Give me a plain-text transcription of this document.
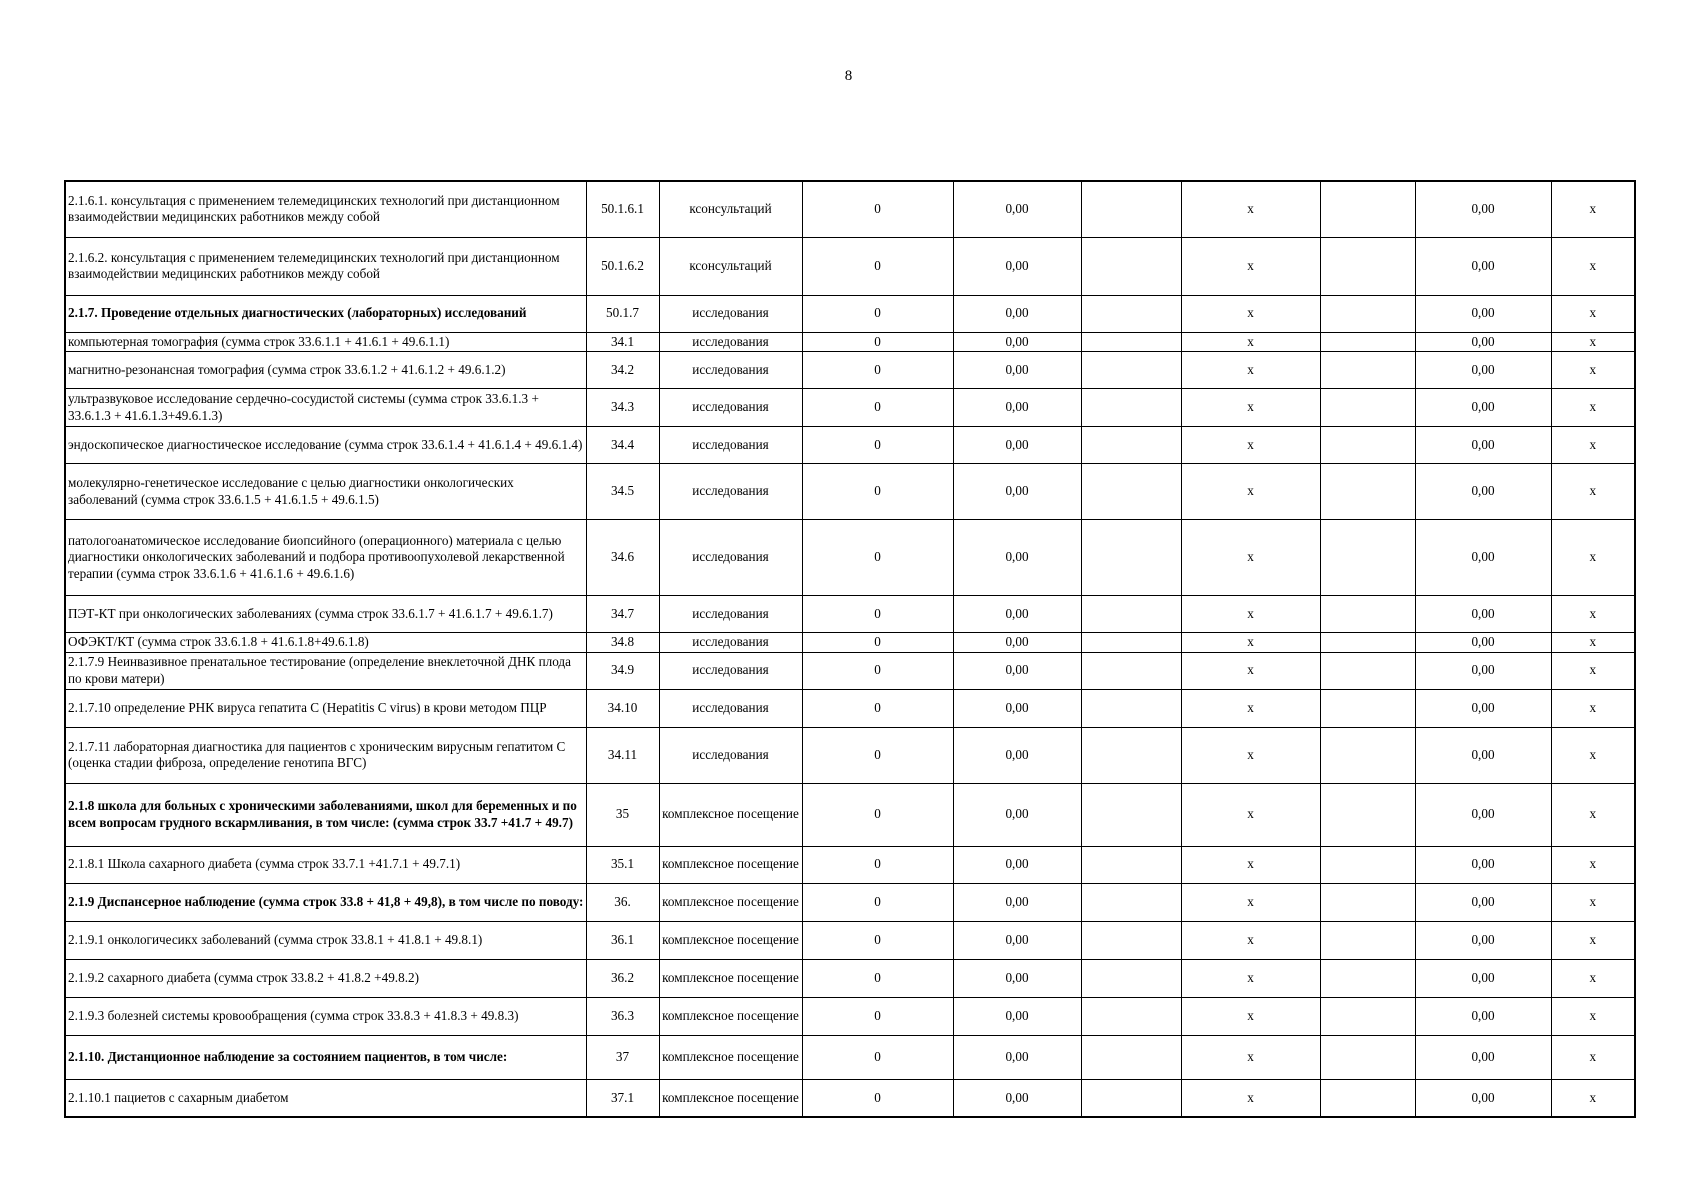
8
2.1.6.1. консультация с применением телемедицинских технологий при дистанционном взаимодействии медицинских работников между собой	50.1.6.1	ксонсультаций	0	0,00		х		0,00	х
2.1.6.2. консультация с применением телемедицинских технологий при дистанционном взаимодействии медицинских работников между собой	50.1.6.2	ксонсультаций	0	0,00		х		0,00	х
2.1.7. Проведение отдельных диагностических (лабораторных) исследований	50.1.7	исследования	0	0,00		х		0,00	х
компьютерная томография (сумма строк 33.6.1.1 + 41.6.1 + 49.6.1.1)	34.1	исследования	0	0,00		х		0,00	х
магнитно-резонансная томография (сумма строк 33.6.1.2 + 41.6.1.2 + 49.6.1.2)	34.2	исследования	0	0,00		х		0,00	х
ультразвуковое исследование сердечно-сосудистой системы (сумма строк 33.6.1.3 + 33.6.1.3 + 41.6.1.3+49.6.1.3)	34.3	исследования	0	0,00		х		0,00	х
эндоскопическое диагностическое исследование (сумма строк 33.6.1.4 + 41.6.1.4 + 49.6.1.4)	34.4	исследования	0	0,00		х		0,00	х
молекулярно-генетическое исследование с целью диагностики онкологических заболеваний (сумма строк 33.6.1.5 + 41.6.1.5 + 49.6.1.5)	34.5	исследования	0	0,00		х		0,00	х
патологоанатомическое исследование биопсийного (операционного) материала с целью диагностики онкологических заболеваний и подбора противоопухолевой лекарственной терапии (сумма строк 33.6.1.6 + 41.6.1.6 + 49.6.1.6)	34.6	исследования	0	0,00		х		0,00	х
ПЭТ-КТ при онкологических заболеваниях (сумма строк 33.6.1.7 + 41.6.1.7 + 49.6.1.7)	34.7	исследования	0	0,00		х		0,00	х
ОФЭКТ/КТ (сумма строк 33.6.1.8 + 41.6.1.8+49.6.1.8)	34.8	исследования	0	0,00		х		0,00	х
2.1.7.9 Неинвазивное пренатальное тестирование (определение внеклеточной ДНК плода по крови матери)	34.9	исследования	0	0,00		х		0,00	х
2.1.7.10 определение РНК вируса гепатита С (Hepatitis C virus) в крови методом ПЦР	34.10	исследования	0	0,00		х		0,00	х
2.1.7.11 лабораторная диагностика для пациентов с хроническим вирусным гепатитом С (оценка стадии фиброза, определение генотипа ВГС)	34.11	исследования	0	0,00		х		0,00	х
2.1.8 школа для больных с хроническими заболеваниями, школ для беременных и по всем вопросам грудного вскармливания, в том числе: (сумма строк 33.7 +41.7 + 49.7)	35	комплексное посещение	0	0,00		х		0,00	х
2.1.8.1 Школа сахарного диабета (сумма строк 33.7.1 +41.7.1 + 49.7.1)	35.1	комплексное посещение	0	0,00		х		0,00	х
2.1.9 Диспансерное наблюдение (сумма строк 33.8 + 41,8 + 49,8), в том числе по поводу:	36.	комплексное посещение	0	0,00		х		0,00	х
2.1.9.1 онкологичесикх заболеваний (сумма строк 33.8.1 + 41.8.1 + 49.8.1)	36.1	комплексное посещение	0	0,00		х		0,00	х
2.1.9.2 сахарного диабета (сумма строк 33.8.2 + 41.8.2 +49.8.2)	36.2	комплексное посещение	0	0,00		х		0,00	х
2.1.9.3 болезней системы кровообращения (сумма строк 33.8.3 + 41.8.3 + 49.8.3)	36.3	комплексное посещение	0	0,00		х		0,00	х
2.1.10. Дистанционное наблюдение за состоянием пациентов, в том числе:	37	комплексное посещение	0	0,00		х		0,00	х
2.1.10.1 пациетов с сахарным диабетом	37.1	комплексное посещение	0	0,00		х		0,00	х
